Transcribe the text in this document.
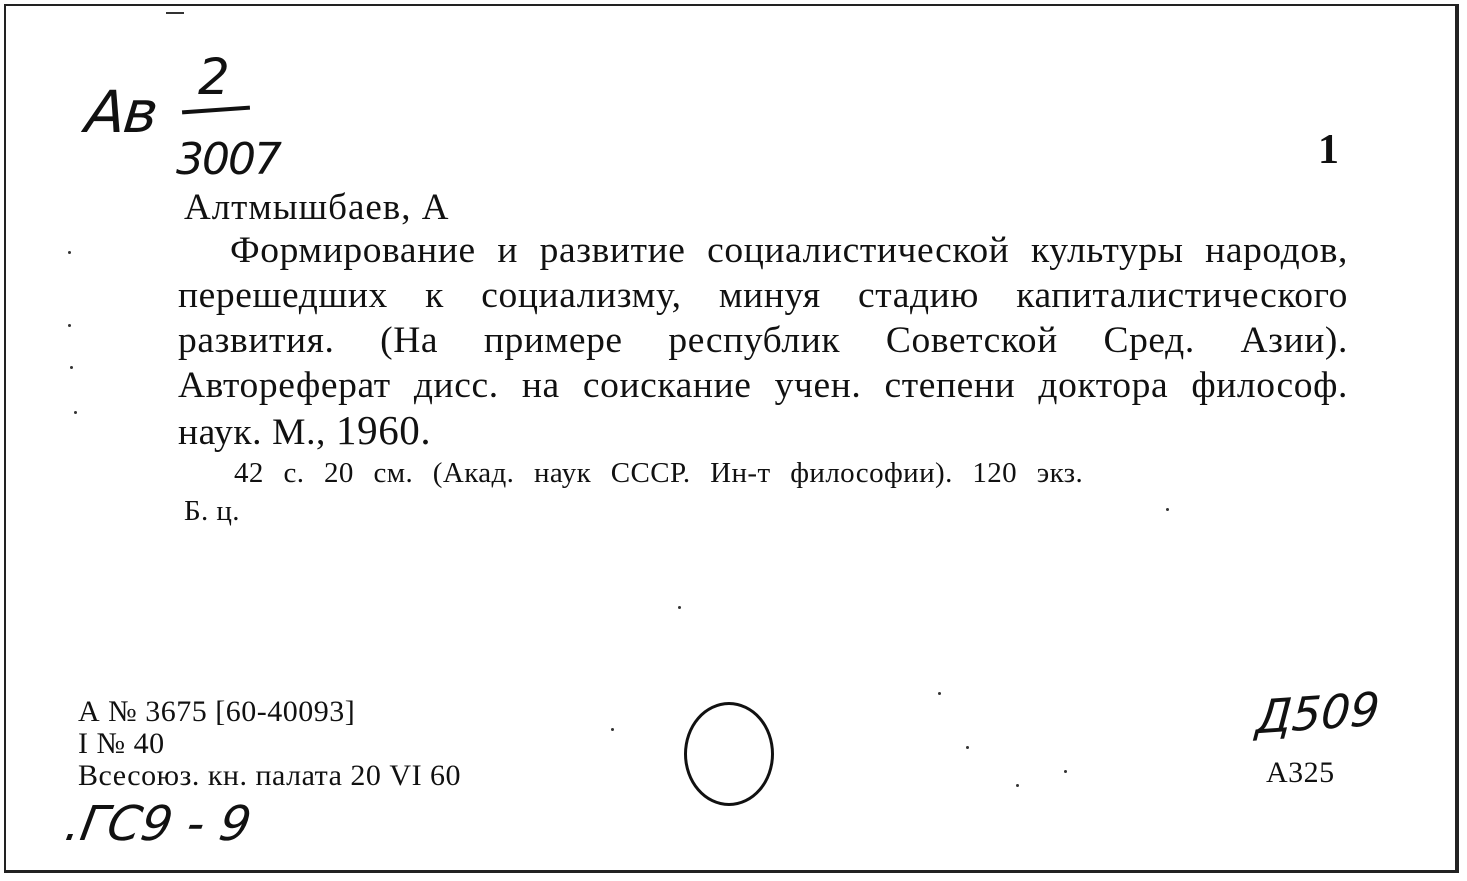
Ав
2
3007	1
Алтмышбаев, А
Формирование и развитие социалистической культуры народов, перешедших к социализму, минуя стадию капиталистического развития. (На примере республик Советской Сред. Азии). Автореферат дисс. на соискание учен. степени доктора философ. наук. М., 1960.
42 с. 20 см. (Акад. наук СССР. Ин-т философии). 120 экз.
Б. ц.
А № 3675 [60-40093]
I № 40
Всесоюз. кн. палата 20 VI 60
.ГС9 - 9
Д509
А325
